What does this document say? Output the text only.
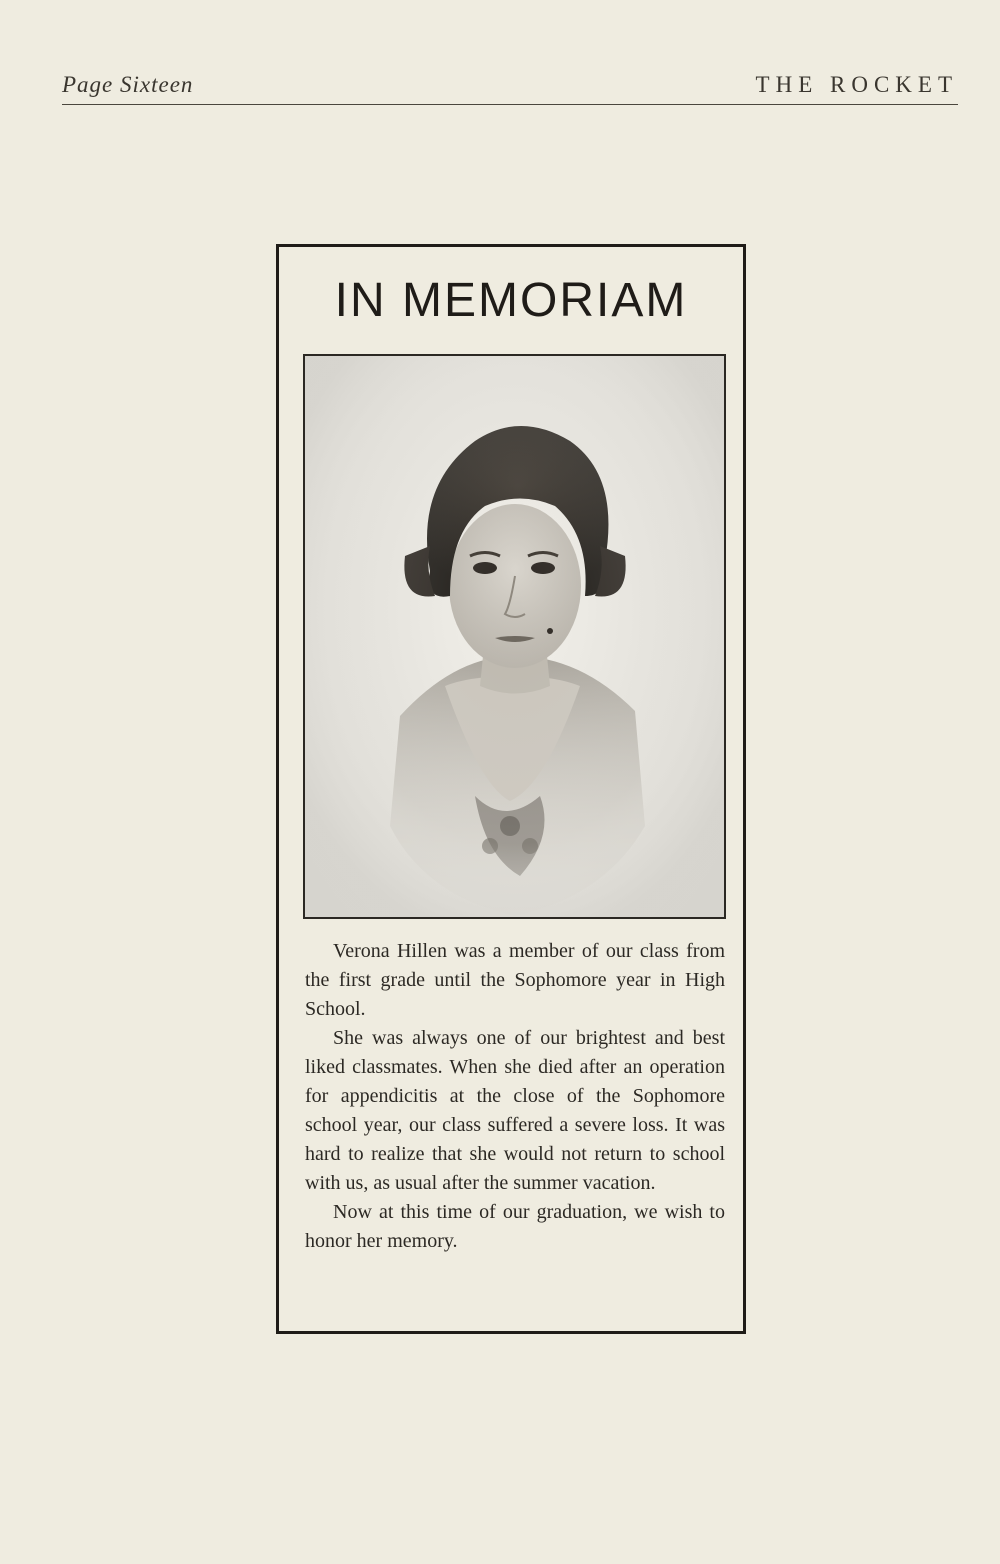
Page Sixteen	THE ROCKET
IN MEMORIAM

Verona Hillen was a member of our class from the first grade until the Sophomore year in High School.

She was always one of our brightest and best liked classmates. When she died after an operation for appendicitis at the close of the Sophomore school year, our class suffered a severe loss. It was hard to realize that she would not return to school with us, as usual after the summer vacation.

Now at this time of our graduation, we wish to honor her memory.
